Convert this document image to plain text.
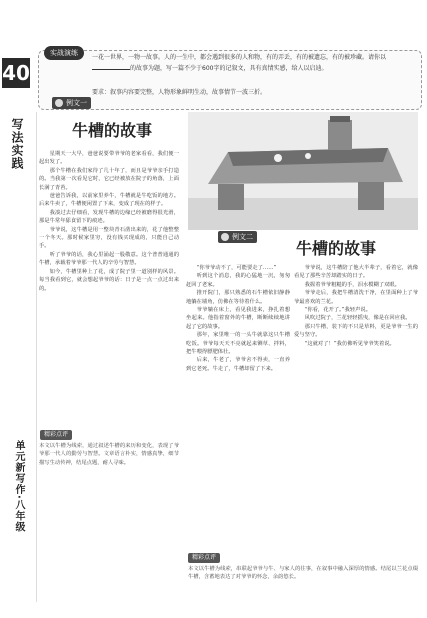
40
写法实践
单元新写作·八年级
实战演练
一花一世界，一物一故事。人的一生中，都会遇到很多的人和物，有的弄丢，有的被遗忘，有的被珍藏。请你以的故事为题，写一篇不少于600字的记叙文，具有真情实感，给人以启迪。
要求：叙事内容要完整，人物形象鲜明生动，故事情节一波三折。
例文一
牛槽的故事

星期天一大早，爸爸说要带爷爷的老家看看，我们便一起出发了。

那个牛槽在我们家待了几十年了，而且是爷爷亲手打造的。当我第一次看见它时，它已经被放在院子的角落，上面长满了青苔。

爸爸告诉我，以前家里养牛，牛槽就是牛吃饭的地方。后来牛卖了，牛槽便闲置了下来，变成了现在的样子。

我凑过去仔细看，发现牛槽的边缘已经被磨得很光滑，那是牛常年舔食留下的痕迹。

爷爷说，这牛槽是用一整块青石凿出来的，花了他整整一个冬天。那时候家里穷，没有钱买现成的，只能自己动手。

听了爷爷的话，我心里涌起一股敬意。这个普普通通的牛槽，承载着爷爷那一代人的辛劳与智慧。

如今，牛槽里种上了花，成了院子里一道别样的风景。每当我看到它，就会想起爷爷的话：日子是一点一点过出来的。

精彩点评
本文以牛槽为线索，通过叙述牛槽的来历和变化，表现了爷爷那一代人的勤劳与智慧。文章语言朴实，情感真挚，细节描写生动传神，结尾点题，耐人寻味。
例文二
牛槽的故事

“你爷爷动不了，可能要走了……”

听到这个消息，我的心猛地一沉，匆匆赶回了老家。

推开院门，那只熟悉的石牛槽依旧静静地躺在墙角，仿佛在等待着什么。

爷爷躺在床上，看见我进来，挣扎着想坐起来。他指着窗外的牛槽，断断续续地讲起了它的故事。

那年，家里唯一的一头牛就靠这只牛槽吃饭。爷爷每天天不亮就起来铡草、拌料，把牛喂得膘肥体壮。

后来，牛老了，爷爷舍不得卖，一直养到它老死。牛走了，牛槽却留了下来。

爷爷说，这牛槽陪了他大半辈子，看着它，就像看见了那些辛苦却踏实的日子。

我握着爷爷粗糙的手，泪水模糊了双眼。

爷爷走后，我把牛槽清洗干净，在里面种上了爷爷最喜欢的兰花。

“你看，花开了。”我轻声说。

风吹过院子，兰花轻轻摇曳，像是在回应我。

那只牛槽，装下的不只是草料，更是爷爷一生的爱与坚守。

“这就对了！”我仿佛听见爷爷笑着说。

精彩点评
本文以牛槽为线索，串联起爷爷与牛、与家人的往事，在叙事中融入深厚的情感。结尾以兰花点缀牛槽，含蓄地表达了对爷爷的怀念，余韵悠长。
